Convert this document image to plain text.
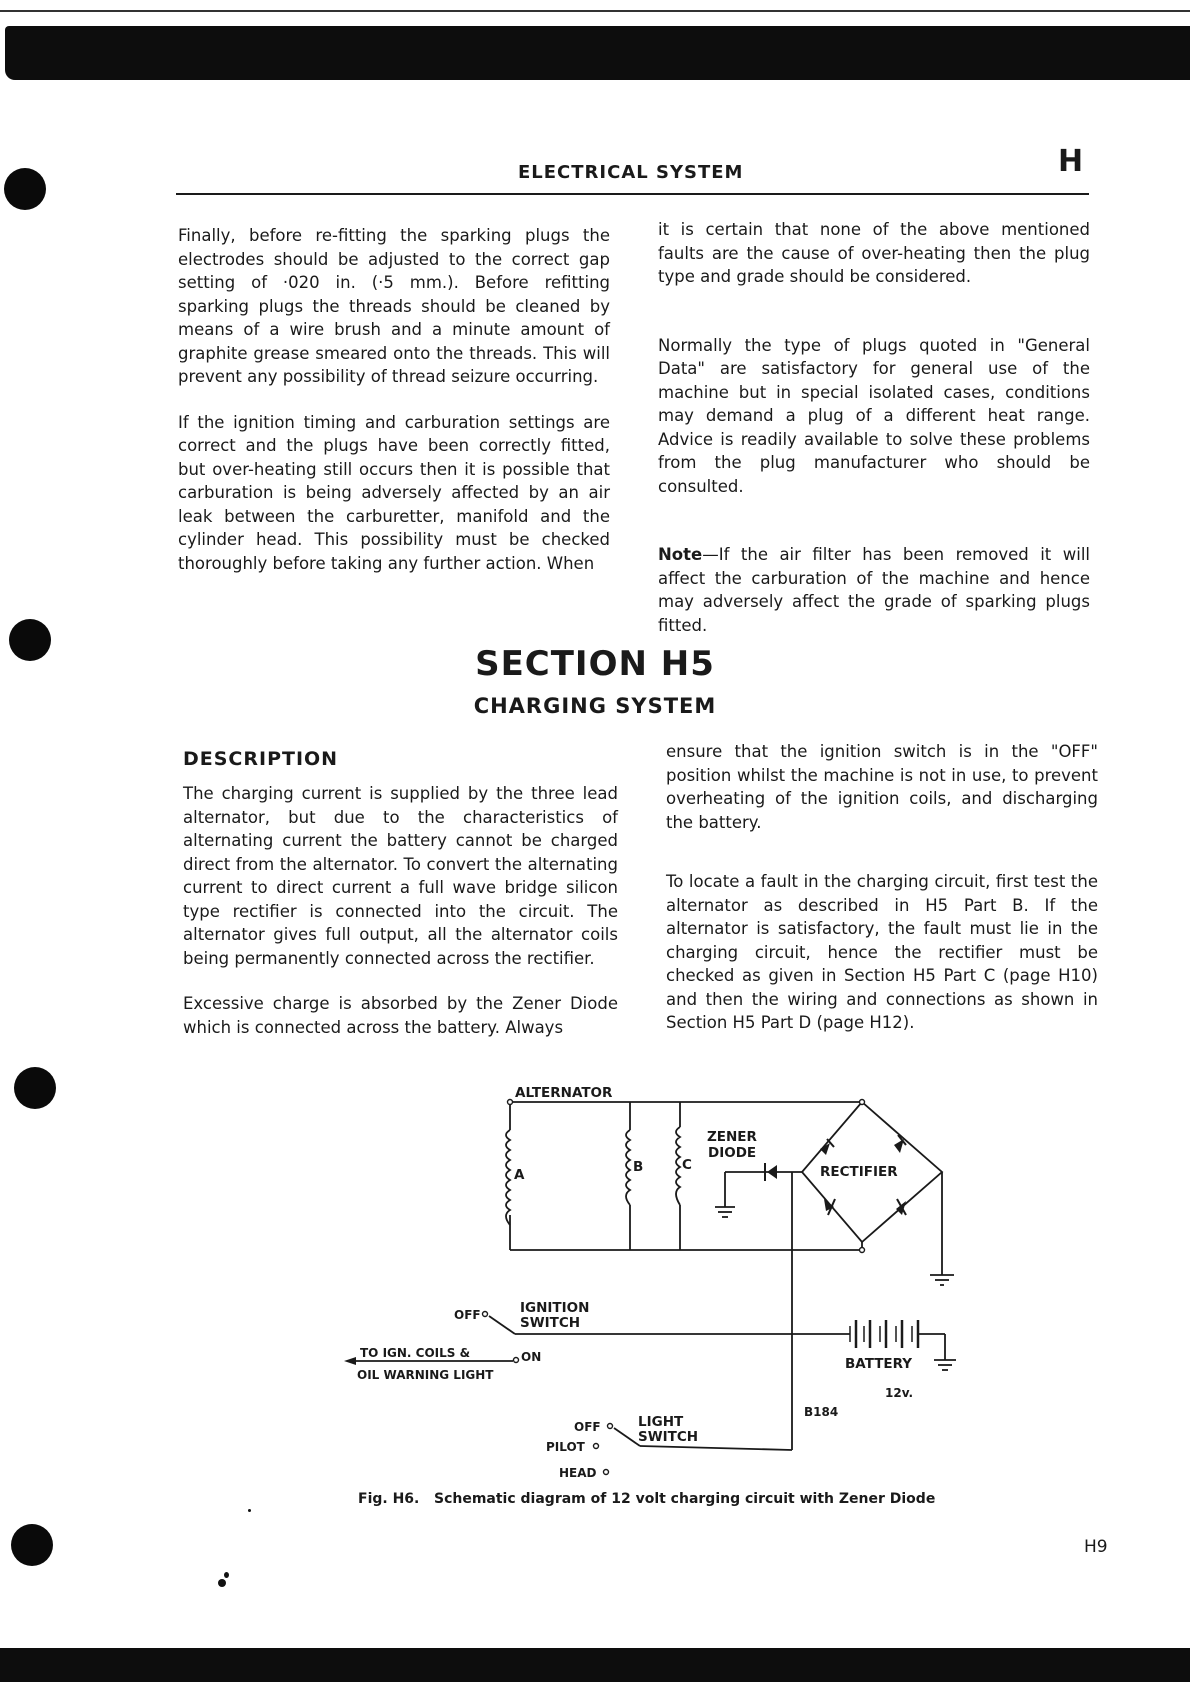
ELECTRICAL SYSTEM	H

Finally, before re-fitting the sparking plugs the electrodes should be adjusted to the correct gap setting of ·020 in. (·5 mm.). Before refitting sparking plugs the threads should be cleaned by means of a wire brush and a minute amount of graphite grease smeared onto the threads. This will prevent any possibility of thread seizure occurring.

If the ignition timing and carburation settings are correct and the plugs have been correctly fitted, but over-heating still occurs then it is possible that carburation is being adversely affected by an air leak between the carburetter, manifold and the cylinder head. This possibility must be checked thoroughly before taking any further action. When

it is certain that none of the above mentioned faults are the cause of over-heating then the plug type and grade should be considered.

Normally the type of plugs quoted in "General Data" are satisfactory for general use of the machine but in special isolated cases, conditions may demand a plug of a different heat range. Advice is readily available to solve these problems from the plug manufacturer who should be consulted.

Note—If the air filter has been removed it will affect the carburation of the machine and hence may adversely affect the grade of sparking plugs fitted.

SECTION H5
CHARGING SYSTEM
DESCRIPTION

The charging current is supplied by the three lead alternator, but due to the characteristics of alternating current the battery cannot be charged direct from the alternator. To convert the alternating current to direct current a full wave bridge silicon type rectifier is connected into the circuit. The alternator gives full output, all the alternator coils being permanently connected across the rectifier.

Excessive charge is absorbed by the Zener Diode which is connected across the battery. Always

ensure that the ignition switch is in the "OFF" position whilst the machine is not in use, to prevent overheating of the ignition coils, and discharging the battery.

To locate a fault in the charging circuit, first test the alternator as described in H5 Part B. If the alternator is satisfactory, the fault must lie in the charging circuit, hence the rectifier must be checked as given in Section H5 Part C (page H10) and then the wiring and connections as shown in Section H5 Part D (page H12).

ALTERNATOR
A	B	C
ZENER
DIODE
RECTIFIER
OFF	IGNITION
SWITCH
TO IGN. COILS &	ON
OIL WARNING LIGHT
BATTERY
12v.
B184
OFF	LIGHT
SWITCH
PILOT
HEAD
Fig. H6. Schematic diagram of 12 volt charging circuit with Zener Diode
H9
